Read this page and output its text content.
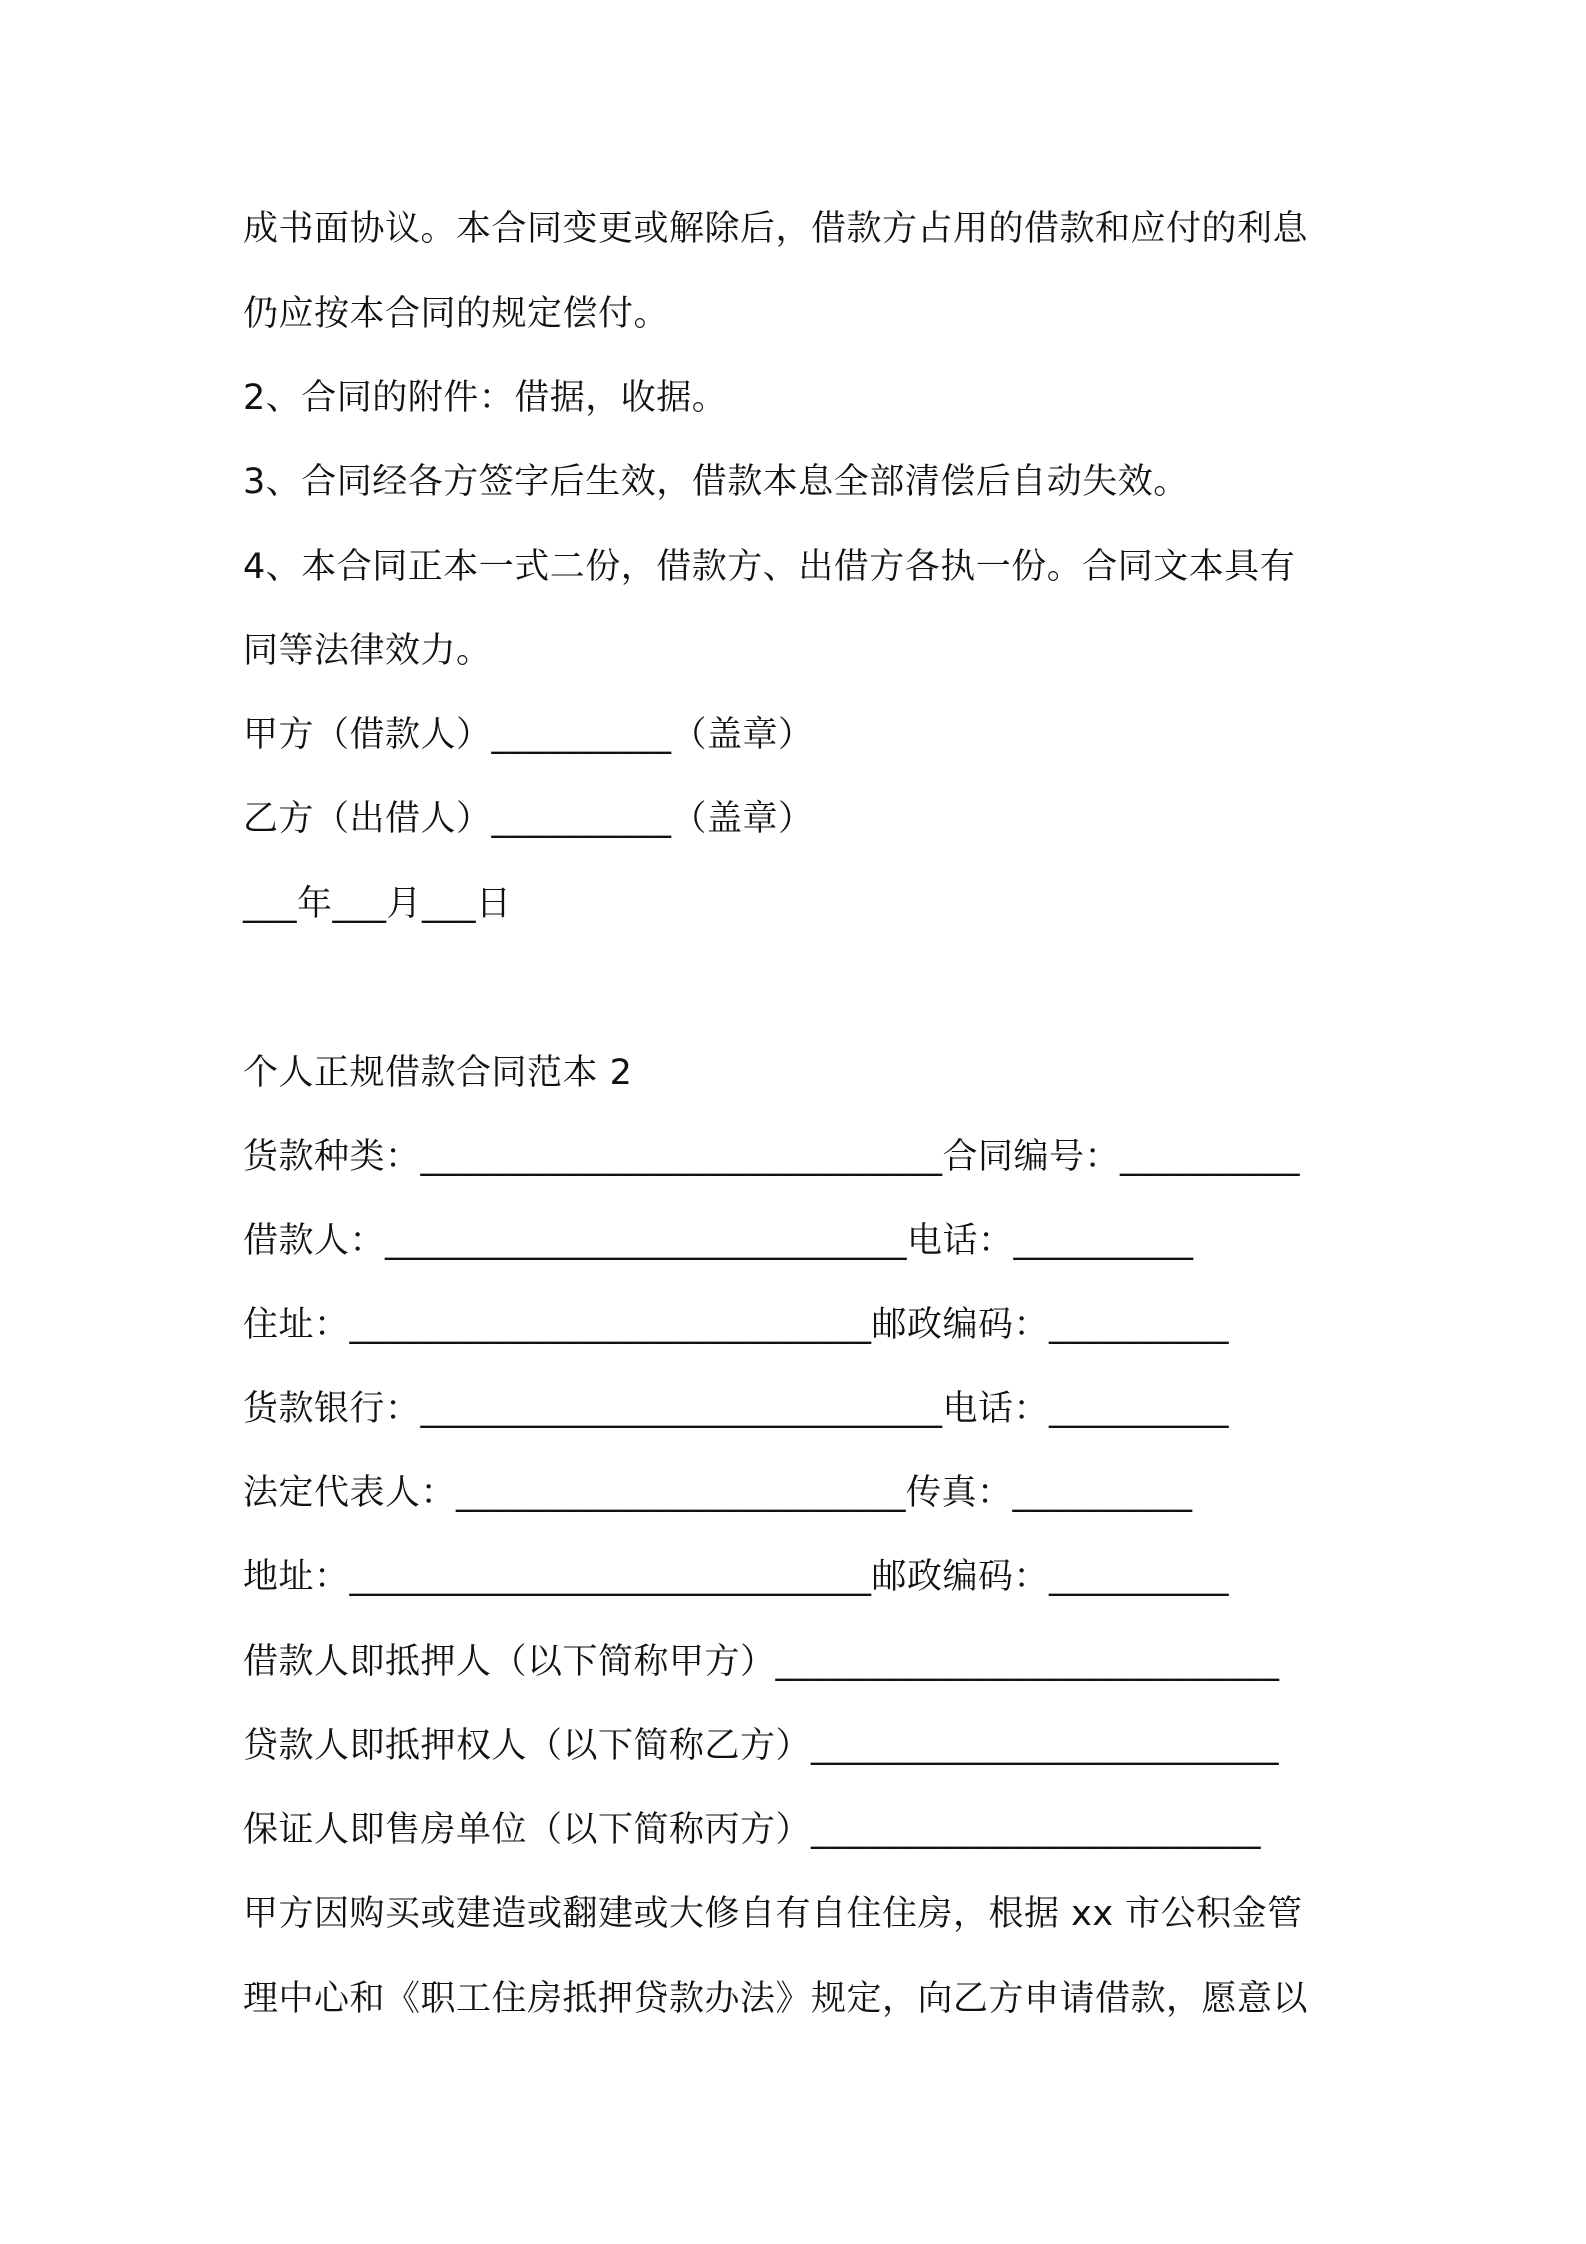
成书面协议。本合同变更或解除后，借款方占用的借款和应付的利息
仍应按本合同的规定偿付。
2、合同的附件：借据，收据。
3、合同经各方签字后生效，借款本息全部清偿后自动失效。
4、本合同正本一式二份，借款方、出借方各执一份。合同文本具有
同等法律效力。
甲方（借款人）__________（盖章）
乙方（出借人）__________（盖章）
___年___月___日
个人正规借款合同范本 2
货款种类：_____________________________合同编号：__________
借款人：_____________________________电话：__________
住址：_____________________________邮政编码：__________
货款银行：_____________________________电话：__________
法定代表人：_________________________传真：__________
地址：_____________________________邮政编码：__________
借款人即抵押人（以下简称甲方）____________________________
贷款人即抵押权人（以下简称乙方）__________________________
保证人即售房单位（以下简称丙方）_________________________
甲方因购买或建造或翻建或大修自有自住住房，根据 xx 市公积金管
理中心和《职工住房抵押贷款办法》规定，向乙方申请借款，愿意以
